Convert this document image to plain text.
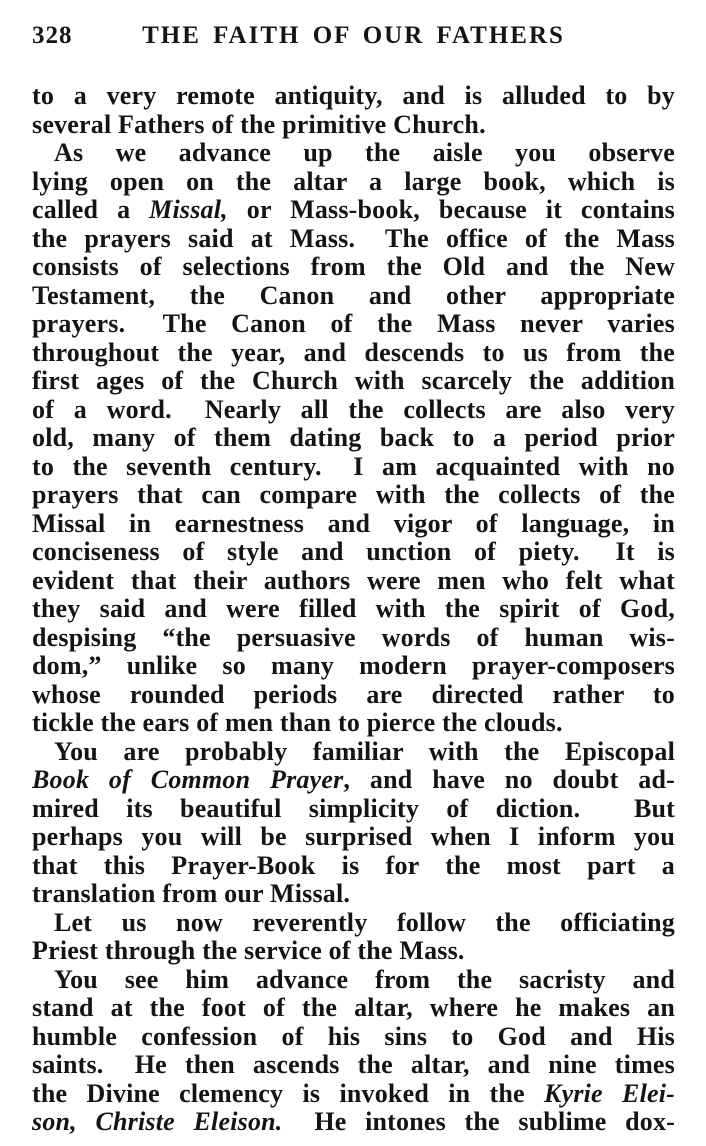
328	THE FAITH OF OUR FATHERS
to a very remote antiquity, and is alluded to by
several Fathers of the primitive Church.
As we advance up the aisle you observe
lying open on the altar a large book, which is
called a Missal, or Mass-book, because it contains
the prayers said at Mass.  The office of the Mass
consists of selections from the Old and the New
Testament, the Canon and other appropriate
prayers.  The Canon of the Mass never varies
throughout the year, and descends to us from the
first ages of the Church with scarcely the addition
of a word.  Nearly all the collects are also very
old, many of them dating back to a period prior
to the seventh century.  I am acquainted with no
prayers that can compare with the collects of the
Missal in earnestness and vigor of language, in
conciseness of style and unction of piety.  It is
evident that their authors were men who felt what
they said and were filled with the spirit of God,
despising “the persuasive words of human wis-
dom,” unlike so many modern prayer-composers
whose rounded periods are directed rather to
tickle the ears of men than to pierce the clouds.
You are probably familiar with the Episcopal
Book of Common Prayer, and have no doubt ad-
mired its beautiful simplicity of diction.   But
perhaps you will be surprised when I inform you
that this Prayer-Book is for the most part a
translation from our Missal.
Let us now reverently follow the officiating
Priest through the service of the Mass.
You see him advance from the sacristy and
stand at the foot of the altar, where he makes an
humble confession of his sins to God and His
saints.  He then ascends the altar, and nine times
the Divine clemency is invoked in the Kyrie Elei-
son, Christe Eleison.  He intones the sublime dox-
